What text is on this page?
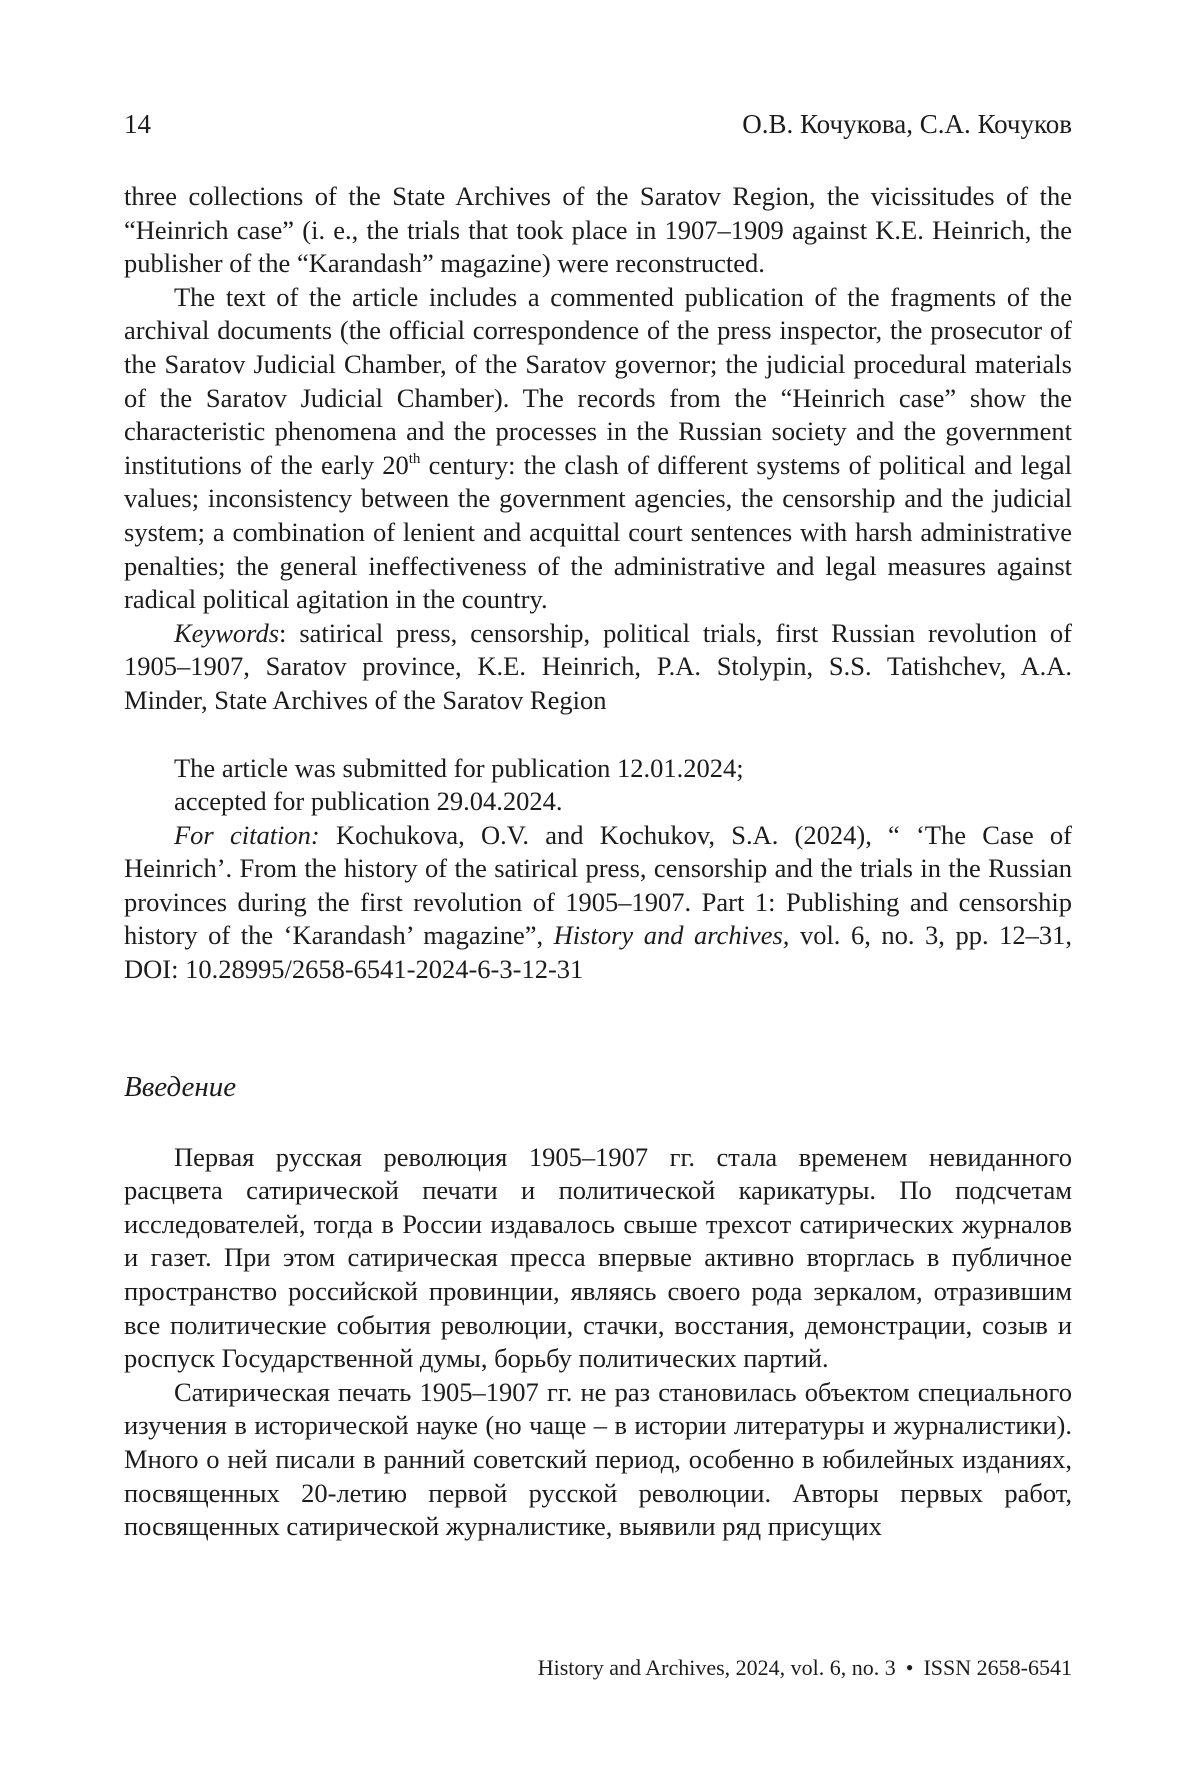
14	О.В. Кочукова, С.А. Кочуков

three collections of the State Archives of the Saratov Region, the vicissitudes of the “Heinrich case” (i. e., the trials that took place in 1907–1909 against K.E. Heinrich, the publisher of the “Karandash” magazine) were reconstructed.

The text of the article includes a commented publication of the fragments of the archival documents (the official correspondence of the press inspector, the prosecutor of the Saratov Judicial Chamber, of the Saratov governor; the judicial procedural materials of the Saratov Judicial Chamber). The records from the “Heinrich case” show the characteristic phenomena and the processes in the Russian society and the government institutions of the early 20th century: the clash of different systems of political and legal values; inconsistency between the government agencies, the censorship and the judicial system; a combination of lenient and acquittal court sentences with harsh administrative penalties; the general ineffectiveness of the administrative and legal measures against radical political agitation in the country.

Keywords: satirical press, censorship, political trials, first Russian revolution of 1905–1907, Saratov province, K.E. Heinrich, P.A. Stolypin, S.S. Tatishchev, A.A. Minder, State Archives of the Saratov Region

The article was submitted for publication 12.01.2024;

accepted for publication 29.04.2024.

For citation: Kochukova, O.V. and Kochukov, S.A. (2024), “ ‘The Case of Heinrich’. From the history of the satirical press, censorship and the trials in the Russian provinces during the first revolution of 1905–1907. Part 1: Publishing and censorship history of the ‘Karandash’ magazine”, History and archives, vol. 6, no. 3, pp. 12–31, DOI: 10.28995/2658-6541-2024-6-3-12-31

Введение

Первая русская революция 1905–1907 гг. стала временем невиданного расцвета сатирической печати и политической карикатуры. По подсчетам исследователей, тогда в России издавалось свыше трехсот сатирических журналов и газет. При этом сатирическая пресса впервые активно вторглась в публичное пространство российской провинции, являясь своего рода зеркалом, отразившим все политические события революции, стачки, восстания, демонстрации, созыв и роспуск Государственной думы, борьбу политических партий.

Сатирическая печать 1905–1907 гг. не раз становилась объектом специального изучения в исторической науке (но чаще – в истории литературы и журналистики). Много о ней писали в ранний советский период, особенно в юбилейных изданиях, посвященных 20-летию первой русской революции. Авторы первых работ, посвященных сатирической журналистике, выявили ряд присущих

History and Archives, 2024, vol. 6, no. 3 • ISSN 2658-6541
